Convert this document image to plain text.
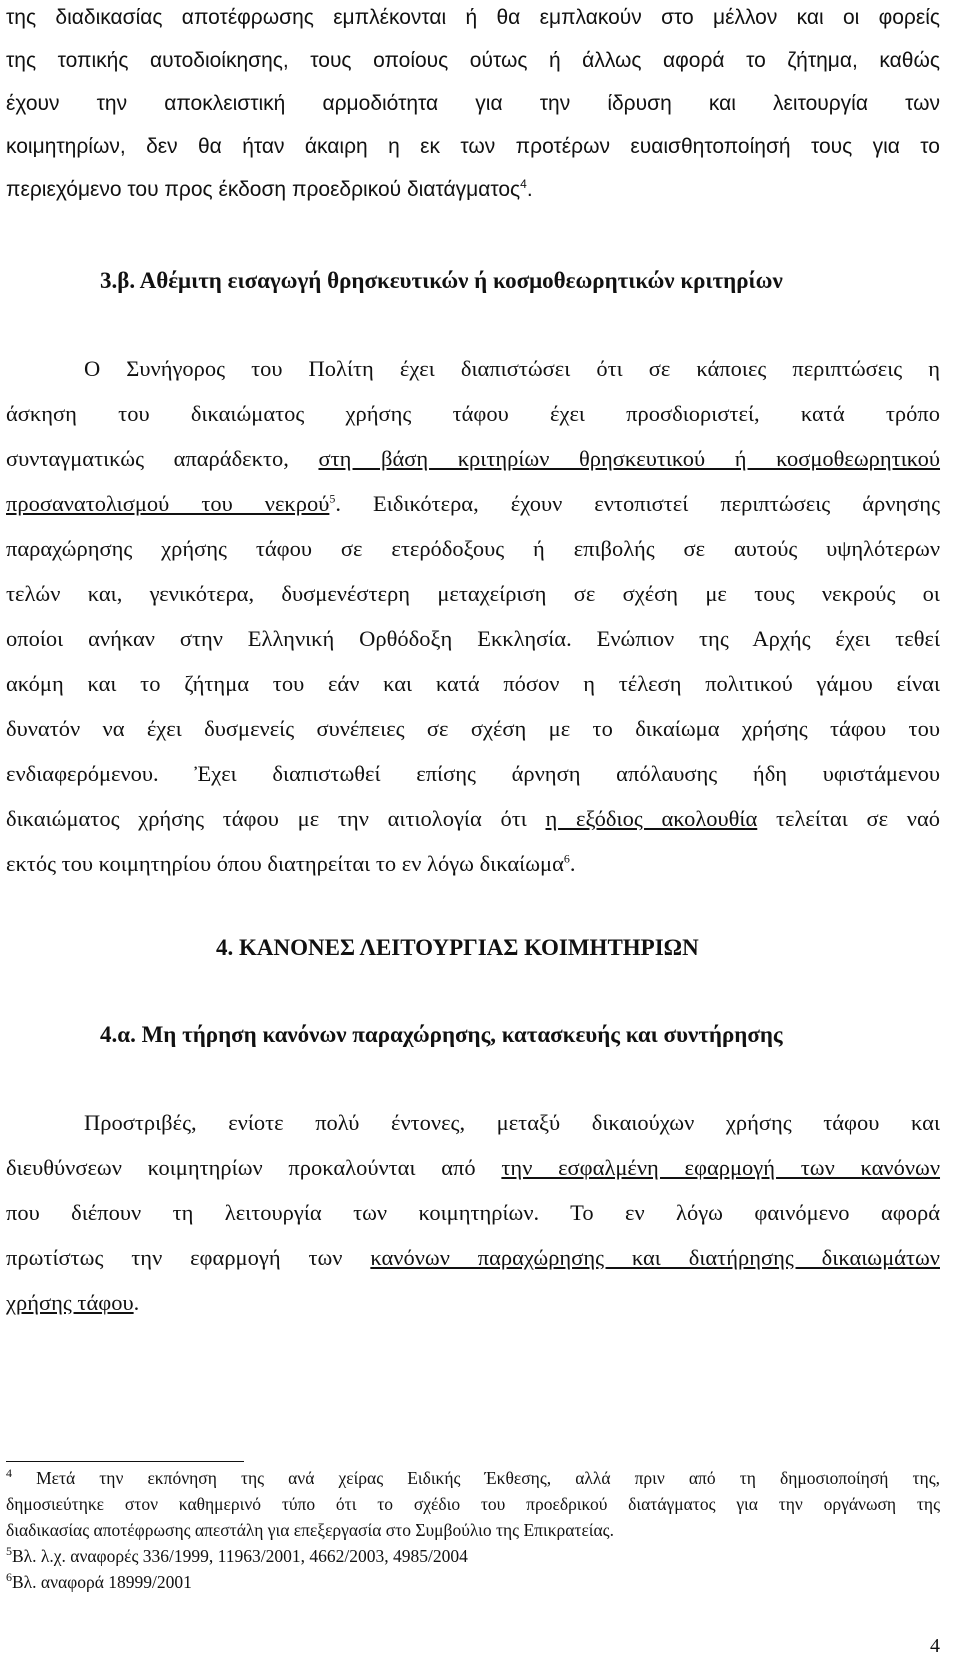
της διαδικασίας αποτέφρωσης εμπλέκονται ή θα εμπλακούν στο μέλλον και οι φορείς
της τοπικής αυτοδιοίκησης, τους οποίους ούτως ή άλλως αφορά το ζήτημα, καθώς
έχουν την αποκλειστική αρμοδιότητα για την ίδρυση και λειτουργία των
κοιμητηρίων, δεν θα ήταν άκαιρη η εκ των προτέρων ευαισθητοποίησή τους για το
περιεχόμενο του προς έκδοση προεδρικού διατάγματος$^4$.
3.β. Αθέμιτη εισαγωγή θρησκευτικών ή κοσμοθεωρητικών κριτηρίων
Ο Συνήγορος του Πολίτη έχει διαπιστώσει ότι σε κάποιες περιπτώσεις η
άσκηση του δικαιώματος χρήσης τάφου έχει προσδιοριστεί, κατά τρόπο
συνταγματικώς απαράδεκτο, στη βάση κριτηρίων θρησκευτικού ή κοσμοθεωρητικού
προσανατολισμού του νεκρού$^5$. Ειδικότερα, έχουν εντοπιστεί περιπτώσεις άρνησης
παραχώρησης χρήσης τάφου σε ετερόδοξους ή επιβολής σε αυτούς υψηλότερων
τελών και, γενικότερα, δυσμενέστερη μεταχείριση σε σχέση με τους νεκρούς οι
οποίοι ανήκαν στην Ελληνική Ορθόδοξη Εκκλησία. Ενώπιον της Αρχής έχει τεθεί
ακόμη και το ζήτημα του εάν και κατά πόσον η τέλεση πολιτικού γάμου είναι
δυνατόν να έχει δυσμενείς συνέπειες σε σχέση με το δικαίωμα χρήσης τάφου του
ενδιαφερόμενου. Ἐχει διαπιστωθεί επίσης άρνηση απόλαυσης ήδη υφιστάμενου
δικαιώματος χρήσης τάφου με την αιτιολογία ότι η εξόδιος ακολουθία τελείται σε ναό
εκτός του κοιμητηρίου όπου διατηρείται το εν λόγω δικαίωμα$^6$.
4. ΚΑΝΟΝΕΣ ΛΕΙΤΟΥΡΓΙΑΣ ΚΟΙΜΗΤΗΡΙΩΝ
4.α. Μη τήρηση κανόνων παραχώρησης, κατασκευής και συντήρησης
Προστριβές, ενίοτε πολύ έντονες, μεταξύ δικαιούχων χρήσης τάφου και
διευθύνσεων κοιμητηρίων προκαλούνται από την εσφαλμένη εφαρμογή των κανόνων
που διέπουν τη λειτουργία των κοιμητηρίων. Το εν λόγω φαινόμενο αφορά
πρωτίστως την εφαρμογή των κανόνων παραχώρησης και διατήρησης δικαιωμάτων
χρήσης τάφου.
$^4$ Μετά την εκπόνηση της ανά χείρας Ειδικής Έκθεσης, αλλά πριν από τη δημοσιοποίησή της,
δημοσιεύτηκε στον καθημερινό τύπο ότι το σχέδιο του προεδρικού διατάγματος για την οργάνωση της
διαδικασίας αποτέφρωσης απεστάλη για επεξεργασία στο Συμβούλιο της Επικρατείας.
$^5$Βλ. λ.χ. αναφορές 336/1999, 11963/2001, 4662/2003, 4985/2004
$^6$Βλ. αναφορά 18999/2001
4
